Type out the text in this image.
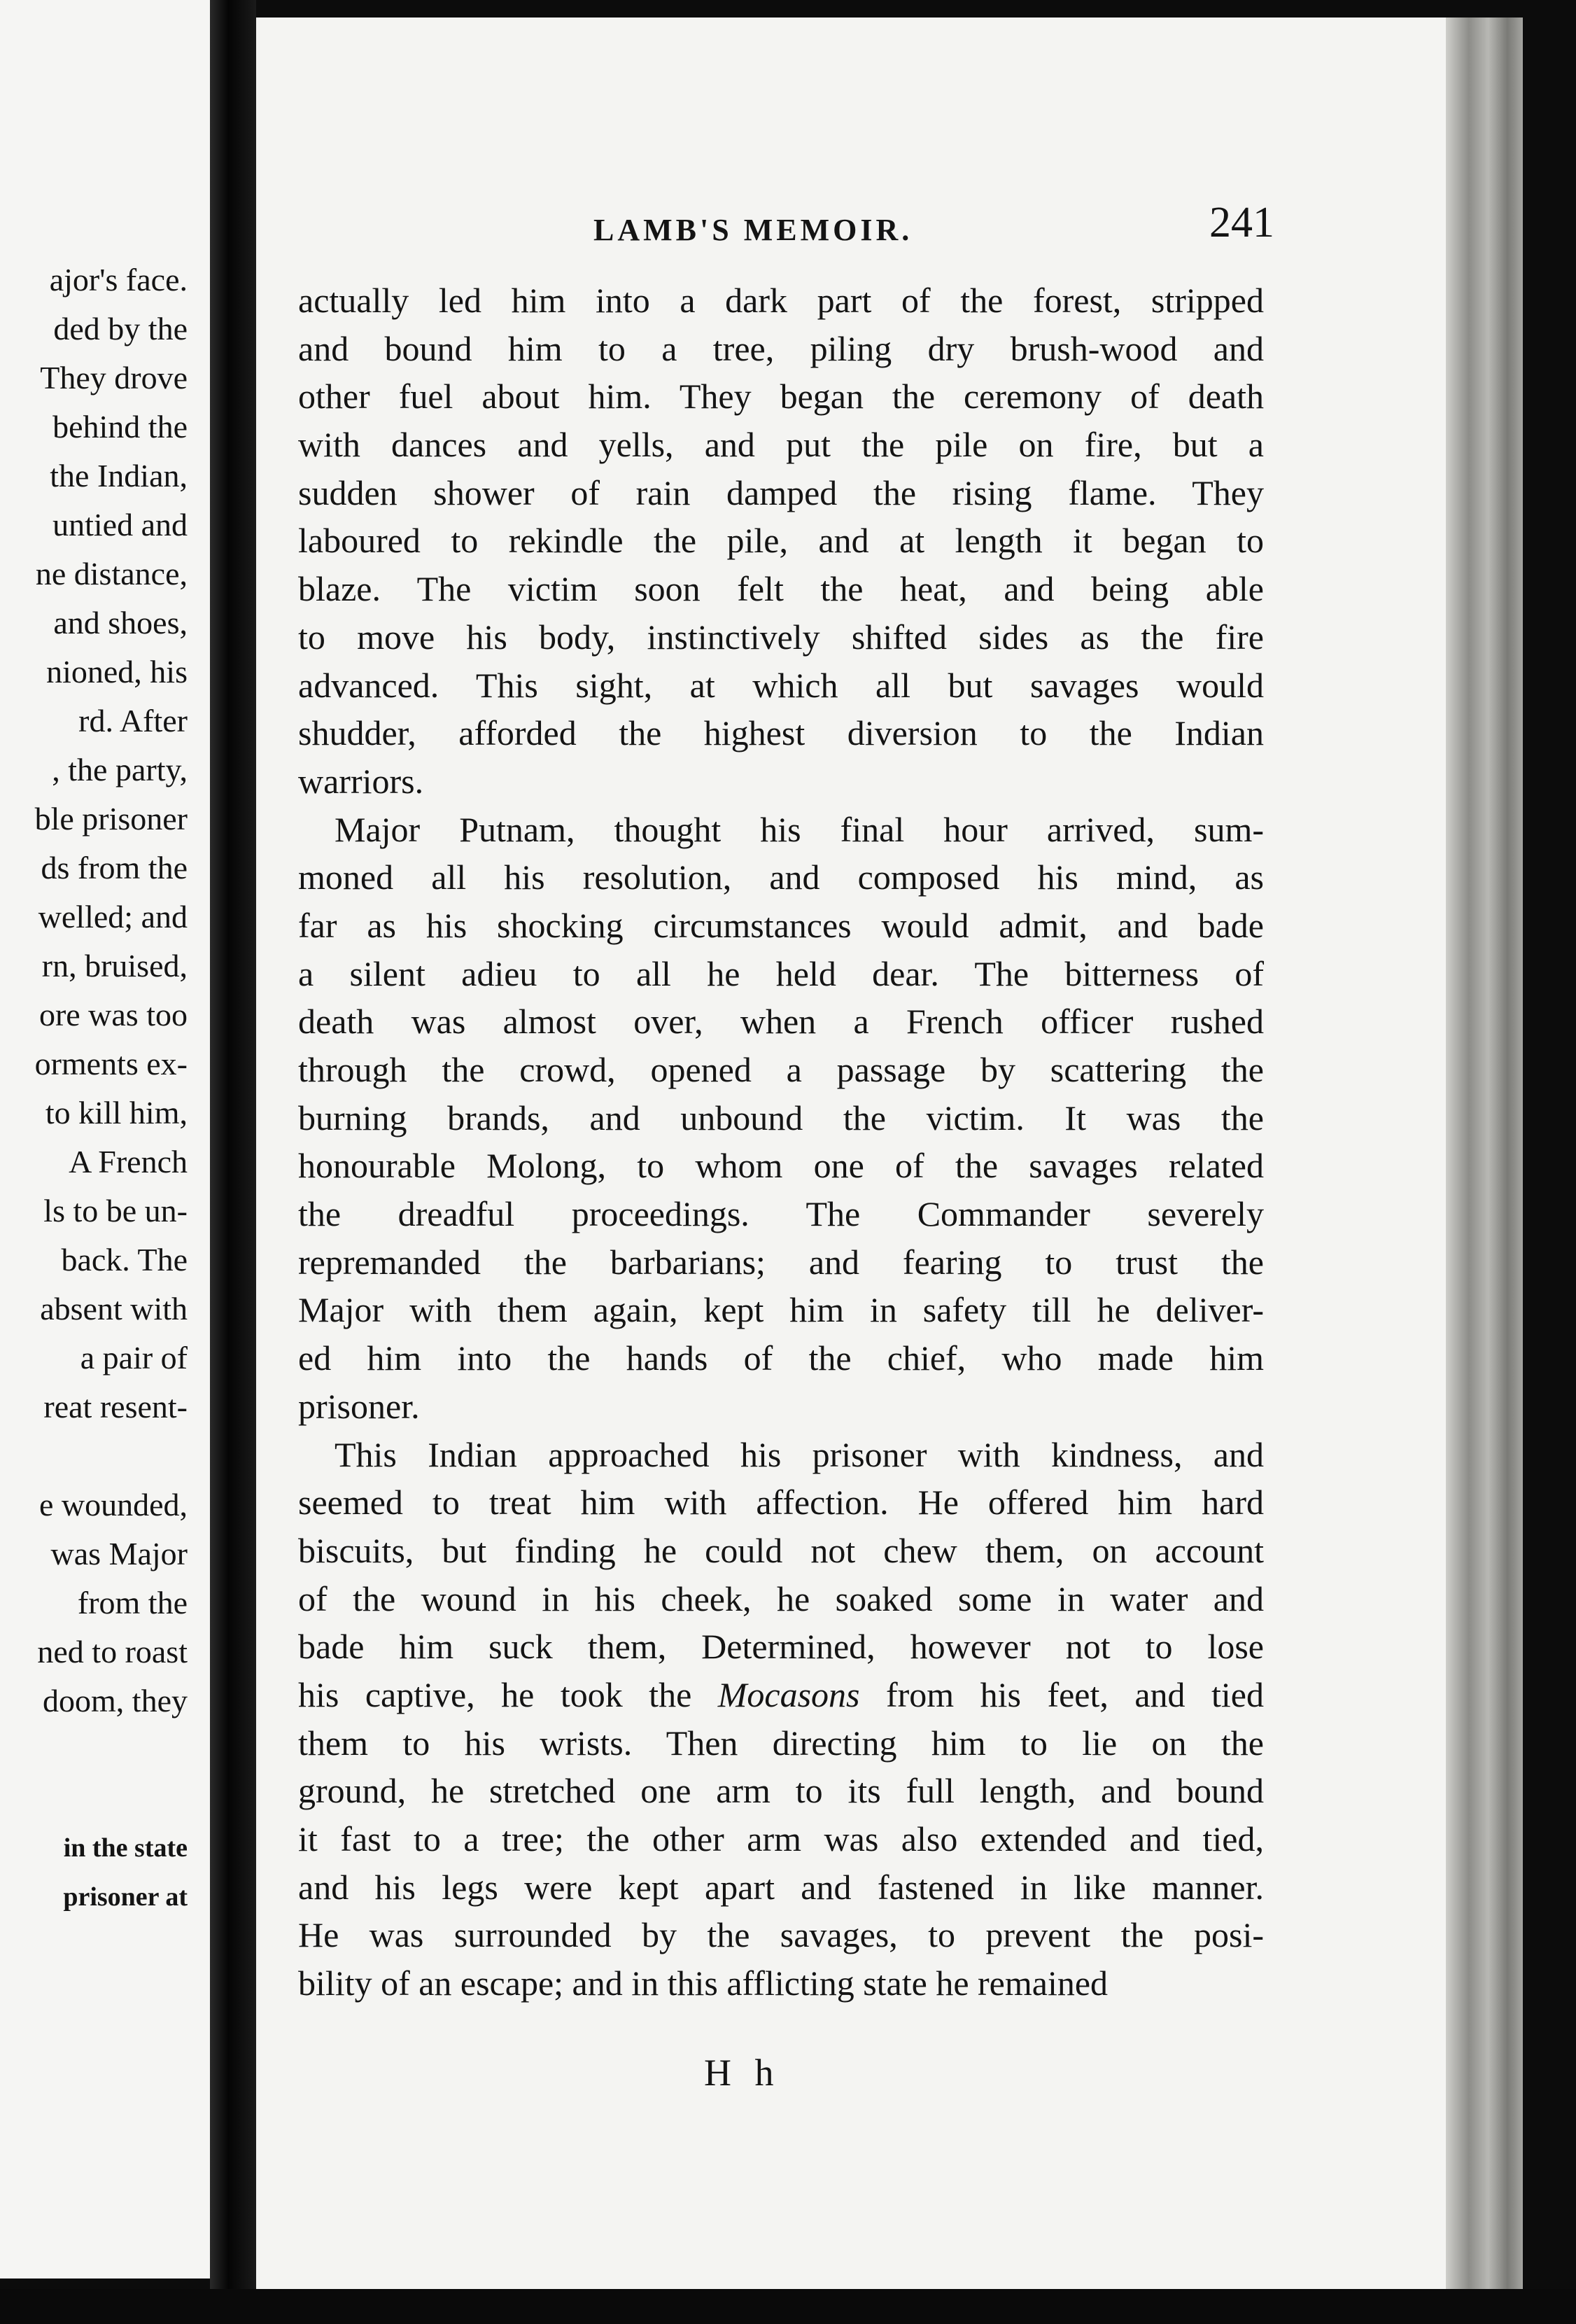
ajor's face.
ded by the
They drove
behind the
the Indian,
untied and
ne distance,
and shoes,
nioned, his
rd. After
, the party,
ble prisoner
ds from the
welled; and
rn, bruised,
ore was too
orments ex-
to kill him,
A French
ls to be un-
back. The
absent with
a pair of
reat resent-
e wounded,
was Major
from the
ned to roast
doom, they
in the state
prisoner at
LAMB'S MEMOIR.	241
actually led him into a dark part of the forest, stripped
and bound him to a tree, piling dry brush-wood and
other fuel about him. They began the ceremony of death
with dances and yells, and put the pile on fire, but a
sudden shower of rain damped the rising flame. They
laboured to rekindle the pile, and at length it began to
blaze. The victim soon felt the heat, and being able
to move his body, instinctively shifted sides as the fire
advanced. This sight, at which all but savages would
shudder, afforded the highest diversion to the Indian
warriors.
Major Putnam, thought his final hour arrived, sum-
moned all his resolution, and composed his mind, as
far as his shocking circumstances would admit, and bade
a silent adieu to all he held dear. The bitterness of
death was almost over, when a French officer rushed
through the crowd, opened a passage by scattering the
burning brands, and unbound the victim. It was the
honourable Molong, to whom one of the savages related
the dreadful proceedings. The Commander severely
repremanded the barbarians; and fearing to trust the
Major with them again, kept him in safety till he deliver-
ed him into the hands of the chief, who made him
prisoner.
This Indian approached his prisoner with kindness, and
seemed to treat him with affection. He offered him hard
biscuits, but finding he could not chew them, on account
of the wound in his cheek, he soaked some in water and
bade him suck them, Determined, however not to lose
his captive, he took the Mocasons from his feet, and tied
them to his wrists. Then directing him to lie on the
ground, he stretched one arm to its full length, and bound
it fast to a tree; the other arm was also extended and tied,
and his legs were kept apart and fastened in like manner.
He was surrounded by the savages, to prevent the posi-
bility of an escape; and in this afflicting state he remained
H h
